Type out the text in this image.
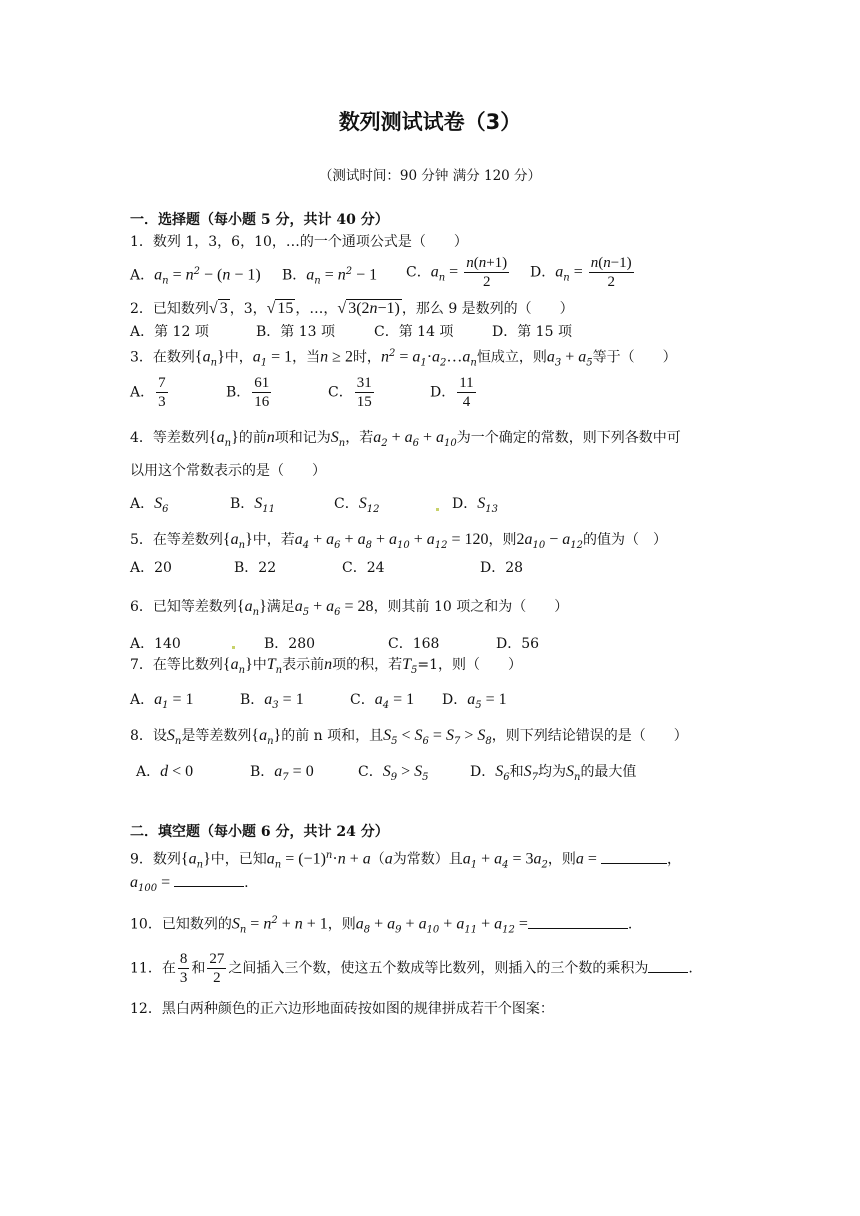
数列测试试卷（3）
（测试时间：90 分钟 满分 120 分）
一．选择题（每小题 5 分，共计 40 分）
1．数列 1，3，6，10，…的一个通项公式是（　　）
A．$a_n = n^2 - (n - 1)$ B．$a_n = n^2 - 1$ C．$a_n = \frac{n(n+1)}{2}$ D．$a_n = \frac{n(n-1)}{2}$
2．已知数列√ 3 ，3，√ 15 ，…，√ 3(2n−1) ，那么 9 是数列的（　　）
A．第 12 项	B．第 13 项	C．第 14 项	D．第 15 项
3．在数列$\{a_n\}$中，$a_1 = 1$，当n ≥ 2时，$n^2$ = $a_1\cdot a_2\dots a_n$恒成立，则$a_3 + a_5$等于（　　）
A． $\frac{7}{3}$	B． $\frac{61}{16}$	C． $\frac{31}{15}$	D． $\frac{11}{4}$
4．等差数列$\{a_n\}$的前n项和记为$S_n$，若$a_2 + a_6 + a_{10}$为一个确定的常数，则下列各数中可
以用这个常数表示的是（　　）
A．$S_6$	B．$S_{11}$	C．$S_{12}$	D．$S_{13}$
5．在等差数列$\{a_n\}$中，若$a_4 + a_6 + a_8 + a_{10} + a_{12} = 120$，则$2a_{10} - a_{12}$的值为（　）
A．20	B．22	C．24	D．28
6．已知等差数列$\{a_n\}$满足$a_5 + a_6 = 28$，则其前 10 项之和为（　　）
A．140	B．280	C．168	D．56
7．在等比数列$\{a_n\}$中$T_n$表示前n项的积，若$T_5=1$，则（　　）
A．$a_1 = 1$	B．$a_3 = 1$	C．$a_4 = 1$ D．$a_5 = 1$
8．设$S_n$是等差数列$\{a_n\}$的前 n 项和，且$S_5 < S_6 = S_7 > S_8$，则下列结论错误的是（　　）
A．d < 0	B．$a_7 = 0$	C．$S_9 > S_5$	D．$S_6$和$S_7$均为$S_n$的最大值
二．填空题（每小题 6 分，共计 24 分）
9．数列$\{a_n\}$中，已知$a_n = (-1)^n\cdot n + a(a$为常数）且$a_1 + a_4 = 3a_2$，则a =	，
$a_{100}$ =	.
10．已知数列的$S_n = n^2 + n + 1$，则$a_8 + a_9 + a_{10} + a_{11} + a_{12}$ =	.
11．在 $\frac{8}{3}$ 和 $\frac{27}{2}$ 之间插入三个数，使这五个数成等比数列，则插入的三个数的乘积为	.
12．黑白两种颜色的正六边形地面砖按如图的规律拼成若干个图案：
